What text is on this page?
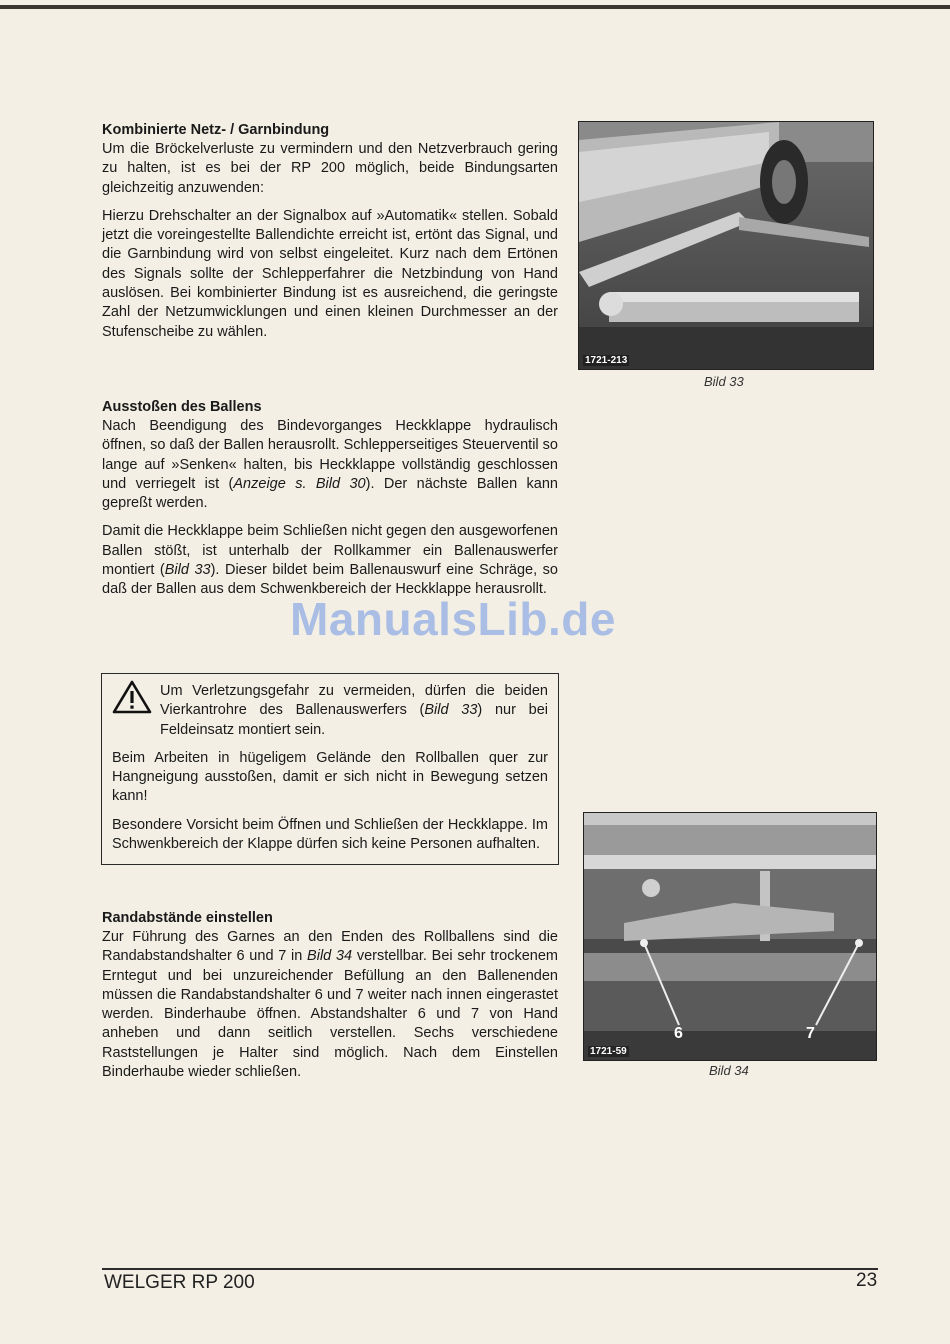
Kombinierte Netz- / Garnbindung

Um die Bröckelverluste zu vermindern und den Netzverbrauch gering zu halten, ist es bei der RP 200 möglich, beide Bindungsarten gleichzeitig anzuwenden:

Hierzu Drehschalter an der Signalbox auf »Automatik« stellen. Sobald jetzt die voreingestellte Ballendichte erreicht ist, ertönt das Signal, und die Garnbindung wird von selbst eingeleitet. Kurz nach dem Ertönen des Signals sollte der Schlepperfahrer die Netzbindung von Hand auslösen. Bei kombinierter Bindung ist es ausreichend, die geringste Zahl der Netzumwicklungen und einen kleinen Durchmesser an der Stufenscheibe zu wählen.

Ausstoßen des Ballens

Nach Beendigung des Bindevorganges Heckklappe hydraulisch öffnen, so daß der Ballen herausrollt. Schlepperseitiges Steuerventil so lange auf »Senken« halten, bis Heckklappe vollständig geschlossen und verriegelt ist (Anzeige s. Bild 30). Der nächste Ballen kann gepreßt werden.

Damit die Heckklappe beim Schließen nicht gegen den ausgeworfenen Ballen stößt, ist unterhalb der Rollkammer ein Ballenauswerfer montiert (Bild 33). Dieser bildet beim Ballenauswurf eine Schräge, so daß der Ballen aus dem Schwenkbereich der Heckklappe herausrollt.

ManualsLib.de

Um Verletzungsgefahr zu vermeiden, dürfen die beiden Vierkantrohre des Ballenauswerfers (Bild 33) nur bei Feldeinsatz montiert sein.

Beim Arbeiten in hügeligem Gelände den Rollballen quer zur Hangneigung ausstoßen, damit er sich nicht in Bewegung setzen kann!

Besondere Vorsicht beim Öffnen und Schließen der Heckklappe. Im Schwenkbereich der Klappe dürfen sich keine Personen aufhalten.

Randabstände einstellen

Zur Führung des Garnes an den Enden des Rollballens sind die Randabstandshalter 6 und 7 in Bild 34 verstellbar. Bei sehr trockenem Erntegut und bei unzureichender Befüllung an den Ballenenden müssen die Randabstandshalter 6 und 7 weiter nach innen eingerastet werden. Binderhaube öffnen. Abstandshalter 6 und 7 von Hand anheben und dann seitlich verstellen. Sechs verschiedene Raststellungen je Halter sind möglich. Nach dem Einstellen Binderhaube wieder schließen.

1721-213
Bild 33
6	7
1721-59
Bild 34
WELGER RP 200	23
